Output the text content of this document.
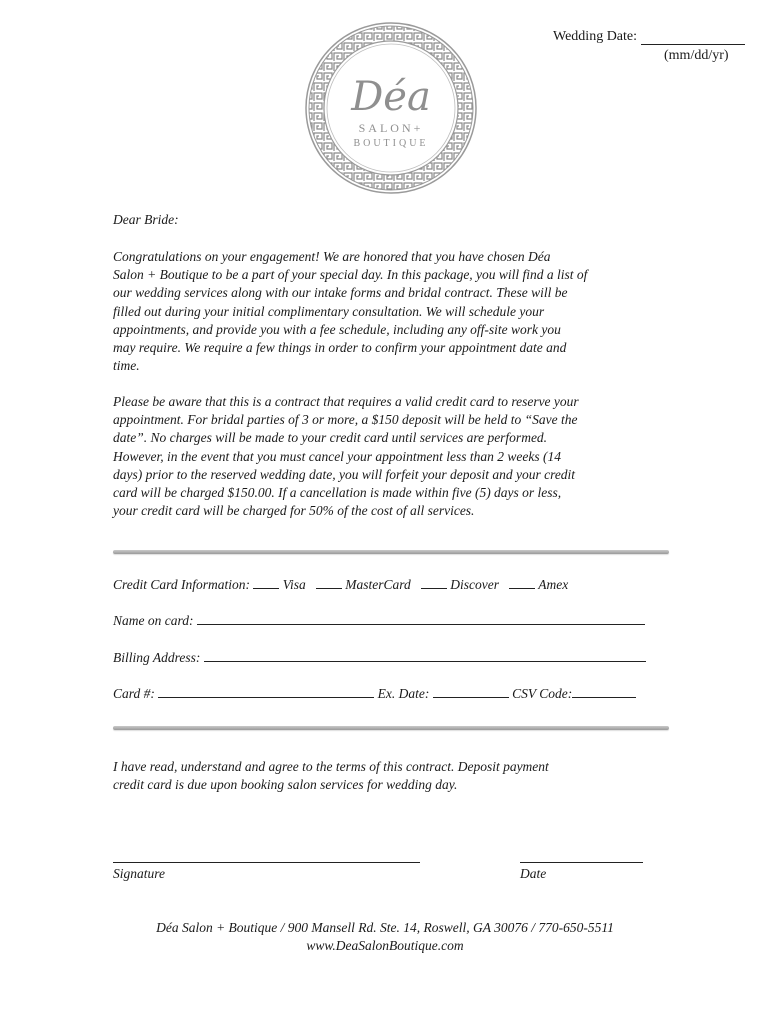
Wedding Date:
(mm/dd/yr)
Déa
SALON+
BOUTIQUE

Dear Bride:

Congratulations on your engagement! We are honored that you have chosen Déa
Salon + Boutique to be a part of your special day. In this package, you will find a list of
our wedding services along with our intake forms and bridal contract. These will be
filled out during your initial complimentary consultation. We will schedule your
appointments, and provide you with a fee schedule, including any off-site work you
may require. We require a few things in order to confirm your appointment date and
time.

Please be aware that this is a contract that requires a valid credit card to reserve your
appointment. For bridal parties of 3 or more, a $150 deposit will be held to “Save the
date”. No charges will be made to your credit card until services are performed.
However, in the event that you must cancel your appointment less than 2 weeks (14
days) prior to the reserved wedding date, you will forfeit your deposit and your credit
card will be charged $150.00. If a cancellation is made within five (5) days or less,
your credit card will be charged for 50% of the cost of all services.

Credit Card Information: Visa	MasterCard	Discover	Amex
Name on card:
Billing Address:
Card #:	Ex. Date:	CSV Code:

I have read, understand and agree to the terms of this contract. Deposit payment
credit card is due upon booking salon services for wedding day.

Signature	Date
Déa Salon + Boutique / 900 Mansell Rd. Ste. 14, Roswell, GA 30076 / 770-650-5511
www.DeaSalonBoutique.com
